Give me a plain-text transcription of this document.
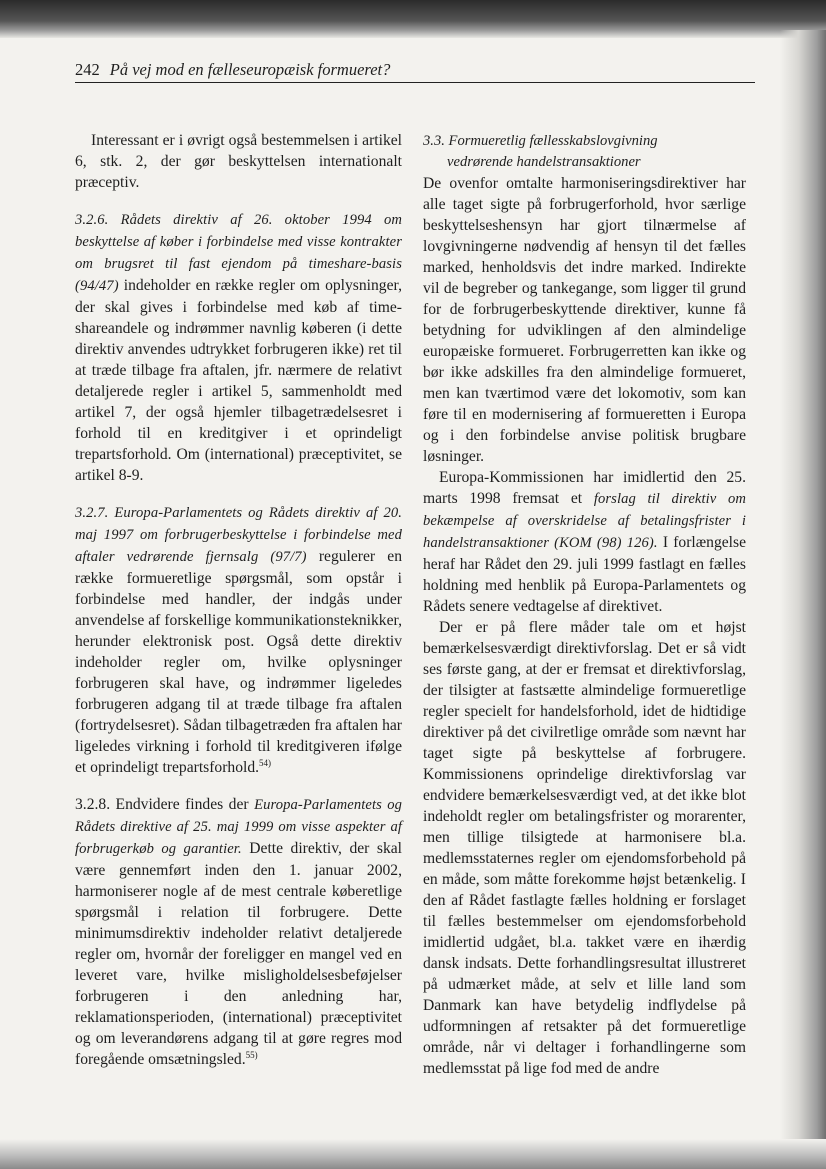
242 På vej mod en fælleseuropæisk formueret?

Interessant er i øvrigt også bestemmelsen i artikel 6, stk. 2, der gør beskyttelsen internationalt præceptiv.

3.2.6. Rådets direktiv af 26. oktober 1994 om beskyttelse af køber i forbindelse med visse kontrakter om brugsret til fast ejendom på timeshare-basis (94/47) indeholder en række regler om oplysninger, der skal gives i forbindelse med køb af time-shareandele og indrømmer navnlig køberen (i dette direktiv anvendes udtrykket forbrugeren ikke) ret til at træde tilbage fra aftalen, jfr. nærmere de relativt detaljerede regler i artikel 5, sammenholdt med artikel 7, der også hjemler tilbagetrædelsesret i forhold til en kreditgiver i et oprindeligt trepartsforhold. Om (international) præceptivitet, se artikel 8-9.

3.2.7. Europa-Parlamentets og Rådets direktiv af 20. maj 1997 om forbrugerbeskyttelse i forbindelse med aftaler vedrørende fjernsalg (97/7) regulerer en række formueretlige spørgsmål, som opstår i forbindelse med handler, der indgås under anvendelse af forskellige kommunikationsteknikker, herunder elektronisk post. Også dette direktiv indeholder regler om, hvilke oplysninger forbrugeren skal have, og indrømmer ligeledes forbrugeren adgang til at træde tilbage fra aftalen (fortrydelsesret). Sådan tilbagetræden fra aftalen har ligeledes virkning i forhold til kreditgiveren ifølge et oprindeligt trepartsforhold.$^{54)}$

3.2.8. Endvidere findes der Europa-Parlamentets og Rådets direktive af 25. maj 1999 om visse aspekter af forbrugerkøb og garantier. Dette direktiv, der skal være gennemført inden den 1. januar 2002, harmoniserer nogle af de mest centrale køberetlige spørgsmål i relation til forbrugere. Dette minimumsdirektiv indeholder relativt detaljerede regler om, hvornår der foreligger en mangel ved en leveret vare, hvilke misligholdelsesbeføjelser forbrugeren i den anledning har, reklamationsperioden, (international) præceptivitet og om leverandørens adgang til at gøre regres mod foregående omsætningsled.$^{55)}$

3.3. Formueretlig fællesskabslovgivning
vedrørende handelstransaktioner

De ovenfor omtalte harmoniseringsdirektiver har alle taget sigte på forbrugerforhold, hvor særlige beskyttelseshensyn har gjort tilnærmelse af lovgivningerne nødvendig af hensyn til det fælles marked, henholdsvis det indre marked. Indirekte vil de begreber og tankegange, som ligger til grund for de forbrugerbeskyttende direktiver, kunne få betydning for udviklingen af den almindelige europæiske formueret. Forbrugerretten kan ikke og bør ikke adskilles fra den almindelige formueret, men kan tværtimod være det lokomotiv, som kan føre til en modernisering af formueretten i Europa og i den forbindelse anvise politisk brugbare løsninger.

Europa-Kommissionen har imidlertid den 25. marts 1998 fremsat et forslag til direktiv om bekæmpelse af overskridelse af betalingsfrister i handelstransaktioner (KOM (98) 126). I forlængelse heraf har Rådet den 29. juli 1999 fastlagt en fælles holdning med henblik på Europa-Parlamentets og Rådets senere vedtagelse af direktivet.

Der er på flere måder tale om et højst bemærkelsesværdigt direktivforslag. Det er så vidt ses første gang, at der er fremsat et direktivforslag, der tilsigter at fastsætte almindelige formueretlige regler specielt for handelsforhold, idet de hidtidige direktiver på det civilretlige område som nævnt har taget sigte på beskyttelse af forbrugere. Kommissionens oprindelige direktivforslag var endvidere bemærkelsesværdigt ved, at det ikke blot indeholdt regler om betalingsfrister og morarenter, men tillige tilsigtede at harmonisere bl.a. medlemsstaternes regler om ejendomsforbehold på en måde, som måtte forekomme højst betænkelig. I den af Rådet fastlagte fælles holdning er forslaget til fælles bestemmelser om ejendomsforbehold imidlertid udgået, bl.a. takket være en ihærdig dansk indsats. Dette forhandlingsresultat illustreret på udmærket måde, at selv et lille land som Danmark kan have betydelig indflydelse på udformningen af retsakter på det formueretlige område, når vi deltager i forhandlingerne som medlemsstat på lige fod med de andre
